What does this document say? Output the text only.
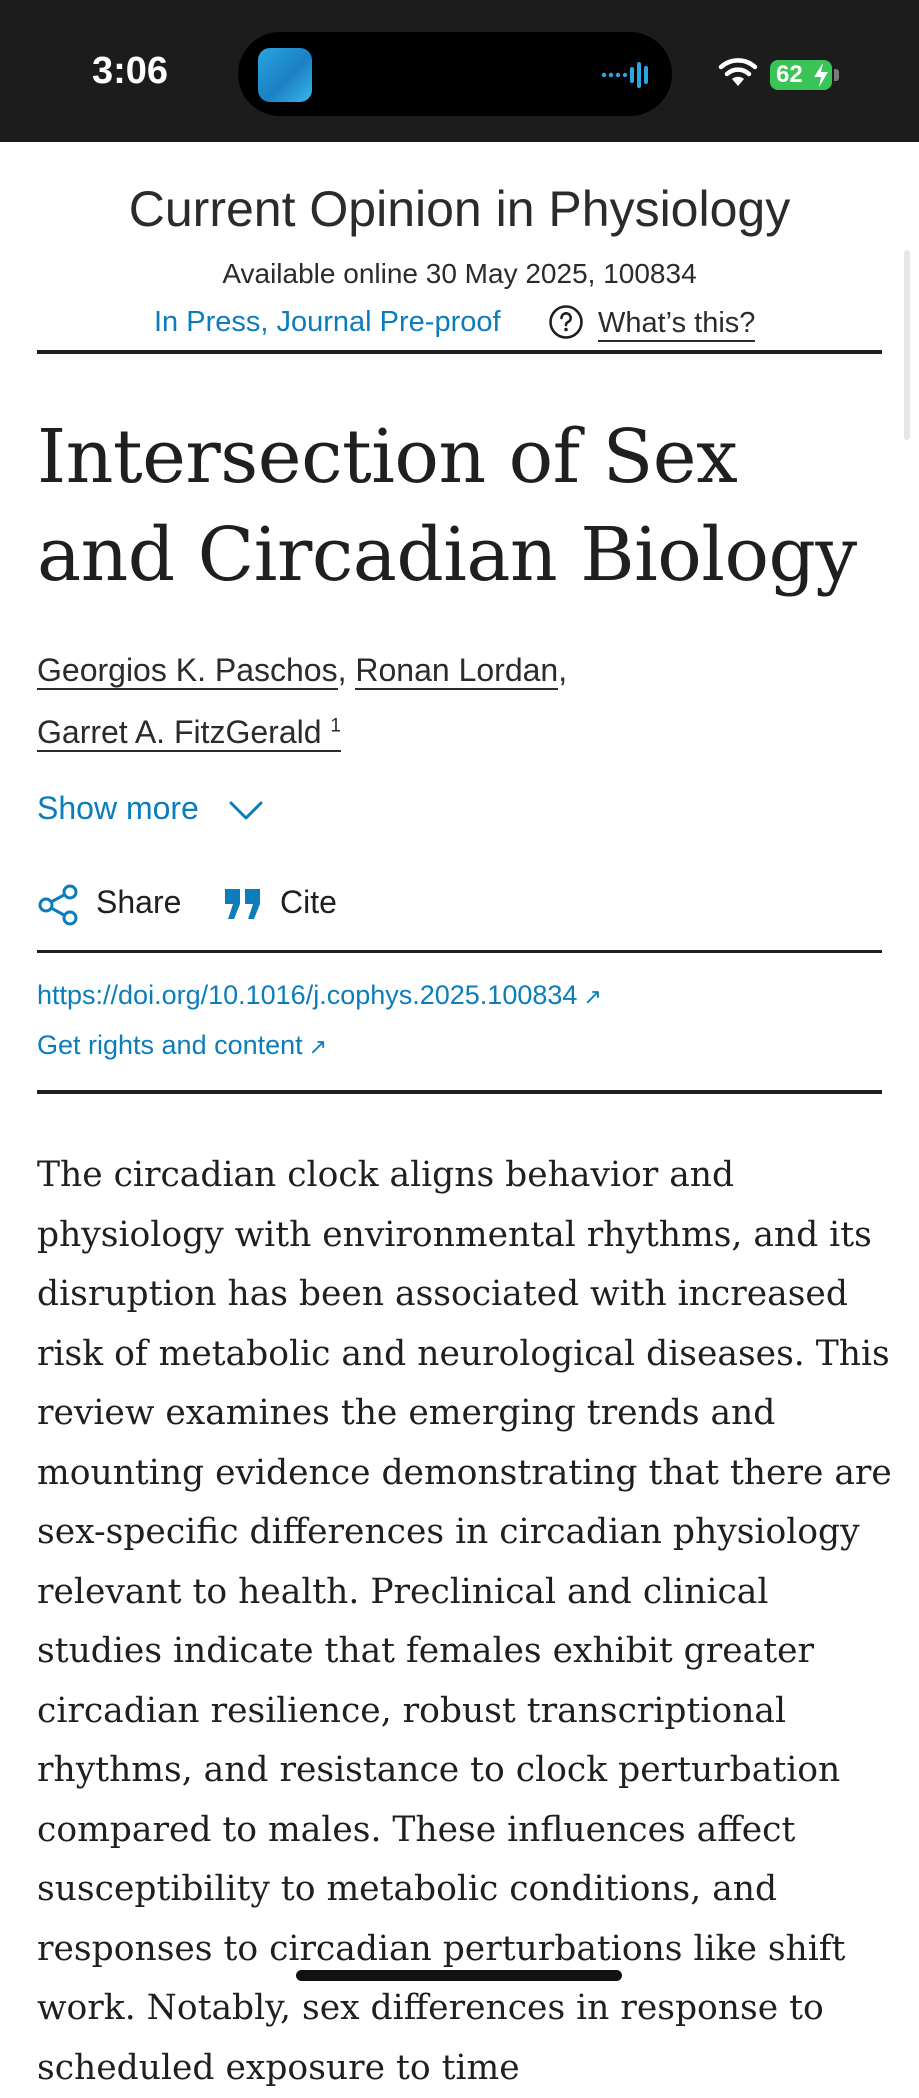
3:06
	62
Current Opinion in Physiology
Available online 30 May 2025, 100834
In Press, Journal Pre-proof	What’s this?
Intersection of Sex and Circadian Biology
Georgios K. Paschos, Ronan Lordan,
Garret A. FitzGerald $^1$
Show more
Share	Cite
https://doi.org/10.1016/j.cophys.2025.100834 ↗
Get rights and content ↗

The circadian clock aligns behavior and physiology with environmental rhythms, and its disruption has been associated with increased risk of metabolic and neurological diseases. This review examines the emerging trends and mounting evidence demonstrating that there are sex-specific differences in circadian physiology relevant to health. Preclinical and clinical studies indicate that females exhibit greater circadian resilience, robust transcriptional rhythms, and resistance to clock perturbation compared to males. These influences affect susceptibility to metabolic conditions, and responses to circadian perturbations like shift work. Notably, sex differences in response to scheduled exposure to time
